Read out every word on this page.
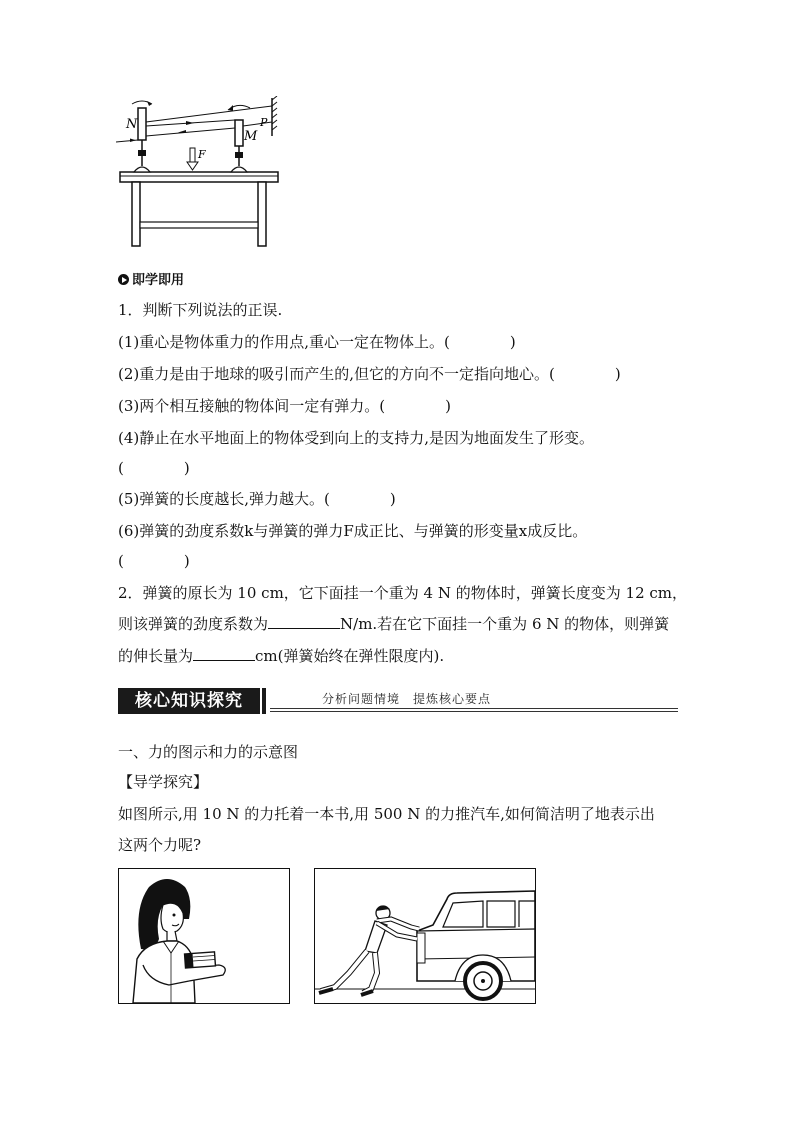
N
M
P
F
即学即用
1．判断下列说法的正误.
(1)重心是物体重力的作用点,重心一定在物体上。(　　　　)
(2)重力是由于地球的吸引而产生的,但它的方向不一定指向地心。(　　　　)
(3)两个相互接触的物体间一定有弹力。(　　　　)
(4)静止在水平地面上的物体受到向上的支持力,是因为地面发生了形变。
(　　　　)
(5)弹簧的长度越长,弹力越大。(　　　　)
(6)弹簧的劲度系数k与弹簧的弹力F成正比、与弹簧的形变量x成反比。
(　　　　)
2．弹簧的原长为 10 cm，它下面挂一个重为 4 N 的物体时，弹簧长度变为 12 cm，
则该弹簧的劲度系数为	N/m.若在它下面挂一个重为 6 N 的物体，则弹簧
的伸长量为	cm(弹簧始终在弹性限度内).
核心知识探究	分析问题情境　提炼核心要点
一、力的图示和力的示意图
【导学探究】
如图所示,用 10 N 的力托着一本书,用 500 N 的力推汽车,如何简洁明了地表示出
这两个力呢?
